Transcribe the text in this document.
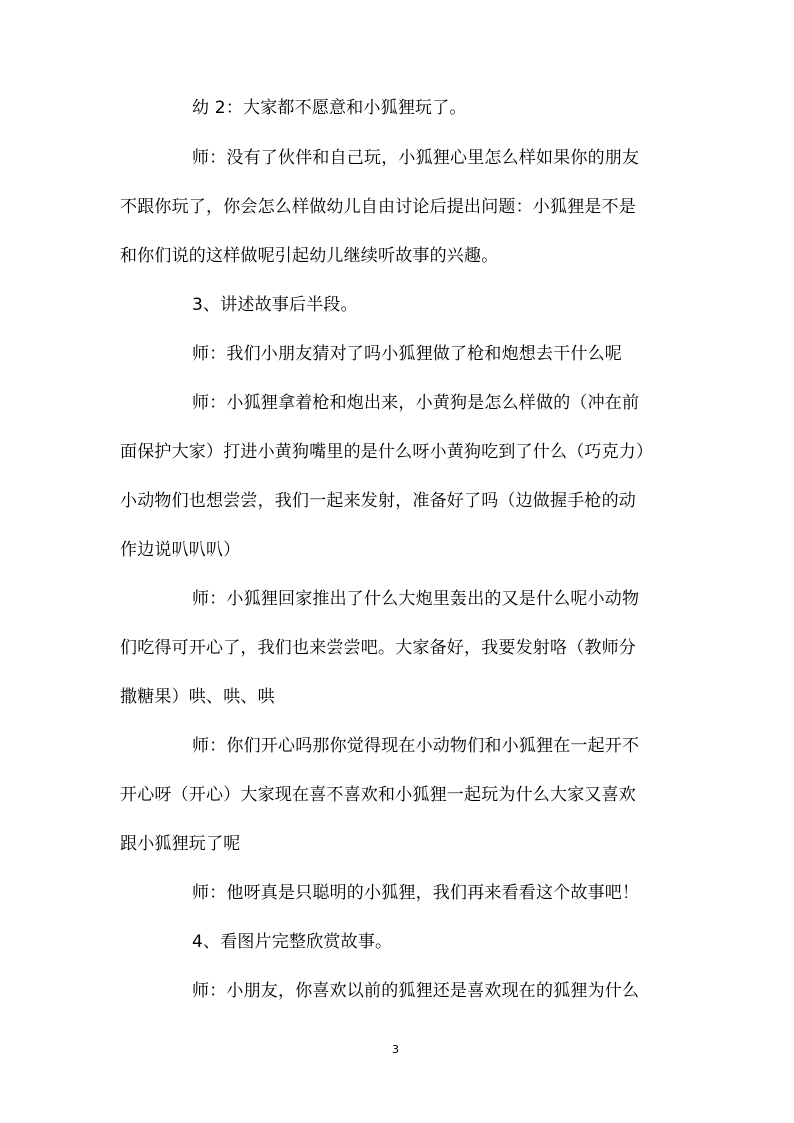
幼 2：大家都不愿意和小狐狸玩了。
师：没有了伙伴和自己玩，小狐狸心里怎么样如果你的朋友
不跟你玩了，你会怎么样做幼儿自由讨论后提出问题：小狐狸是不是
和你们说的这样做呢引起幼儿继续听故事的兴趣。
3、讲述故事后半段。
师：我们小朋友猜对了吗小狐狸做了枪和炮想去干什么呢
师：小狐狸拿着枪和炮出来，小黄狗是怎么样做的（冲在前
面保护大家）打进小黄狗嘴里的是什么呀小黄狗吃到了什么（巧克力）
小动物们也想尝尝，我们一起来发射，准备好了吗（边做握手枪的动
作边说叭叭叭）
师：小狐狸回家推出了什么大炮里轰出的又是什么呢小动物
们吃得可开心了，我们也来尝尝吧。大家备好，我要发射咯（教师分
撒糖果）哄、哄、哄
师：你们开心吗那你觉得现在小动物们和小狐狸在一起开不
开心呀（开心）大家现在喜不喜欢和小狐狸一起玩为什么大家又喜欢
跟小狐狸玩了呢
师：他呀真是只聪明的小狐狸，我们再来看看这个故事吧！
4、看图片完整欣赏故事。
师：小朋友，你喜欢以前的狐狸还是喜欢现在的狐狸为什么
3
